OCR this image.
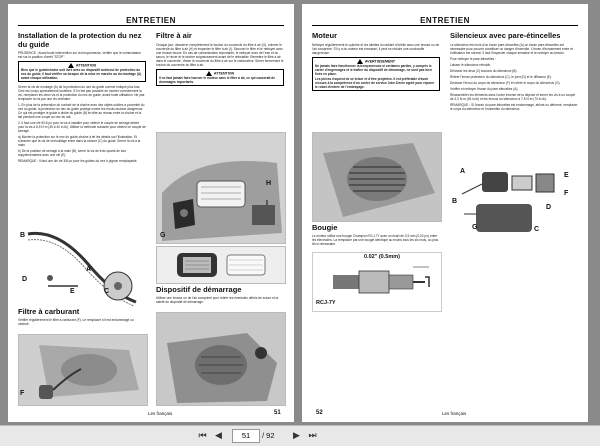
ENTRETIEN
Installation de la protection du nez du guide
PRUDENCE : Avant toute intervention sur la tronçonneuse, vérifier que le commutateur est sur la position d'arrêt "STOP".
ATTENTION
Bien que le guide/chaîne soit livré avec un dispositif antirecul de protection du nez du guide, il faut vérifier sa lorsque de la mise en marche ou du montage (A) avant chaque utilisation.
Serrer la vis de montage (A) de la protection du nez du guide comme indiqué plus bas. Ceci est conçu spécialement toutefois. S'il n'est pas possible de monter correctement la vis, remplacer les deux vis et la protection du nez de guide, avant toute utilisation. Ne pas remplacer la vis par une vis ordinaire.
1. En plus de la prévention du contact de la chaîne avec des objets solides à proximité du nez du guide, la protection du nez du guide protège contre les reculs brutaux dangereux. Ce qui est protéger le guide à droite du guide (B) en tête au niveau entre la chaîne et la tail pendant une coupe au nez du rail.
2. Il faut une clé 5/16 po pour la vis à installer pour obtenir le couple de serrage désiré pour la vis à 8,5 N·m (35 à 40 in-lb). Utiliser la méthode suivante pour obtenir ce couple de serrage.
a) Monter la protection sur le nez du guide-chaîne à tel les détails sur l'illustration. Et s'assurer que la vis de verrouillage entre dans la rainure (C) du guide. Serrer la vis à la main.
b) De la position de serrage à la main (B), serrer la vis de trois quarts de tour supplémentaires avec une clé (E).
REMARQUE : Il faut une clé de 3/8 po pour les guides du nez à pignon remplaçable.
B
A
D
C
E
Filtre à carburant
Vérifier régulièrement le filtre à carburant (F). Le remplacer s'il est endommagé ou obstrué.
F
Filtre à air
Chaque jour, desserrer complètement le bouton du couvercle du filtre à air (G), enlever le couvercle du filtre à air (H) et inspecter le filtre à air (I). Secouer le filtre et le nettoyer avec une brosse douce. En cas de contamination importante, le nettoyer avec de l'eau et du savon, le rincer et le sécher soigneusement avant de le réinstaller. Remettre le filtre à air dans le couvercle. Visser le couvercle du filtre à air sur le carburateur. Serrer fermement le bouton du couvercle du filtre à air.
ATTENTION
Il ne faut jamais faire tourner le moteur sans le filtre à air, ce qui causerait de dommages importants.
H
I
G
Dispositif de démarrage
Utiliser une brosse ou de l'air comprimé pour retirer les éventuels débris de sciure et la saleté du dispositif de démarrage.
Les français	51
ENTRETIEN
Moteur
Nettoyer régulièrement le cylindre et les ailettes du radiant d'orielle avec une brosse ou de l'air comprimé. S'il y a du moteur est encrassé, il peut se réduire une surchauffe dangereuse.
AVERTISSEMENT
Ne jamais faire fonctionner la tronçonneuse si certaines parties, y compris le carter d'engrenages et le boîtier du dispositif de démarrage, ne sont pas bien fixés en place.
Les pièces risquent de se briser et d'être projetées. Il est préférable d'avoir recours à la compétence d'un centre de service John Deere agréé pour réparer le robot d'entrée de l'embrayage.
Bougie
Le moteur utilise une bougie Champion RCJ-7Y avec un écart de 0,5 mm (0,02 po) entre les électrodes. La remplacer par une bougie identique au moins tous les six mois, ou plus tôt si nécessaire.
0.02" (0.5mm)
RCJ-7Y
Silencieux avec pare-étincelles
Le silencieux est muni d'un écran pare-étincelles (A) un écran pare-étincelles est nécessaire pour pouvoir constituer un danger d'incendie. L'écran d'écrasement entre et l'utilisateur est normal. Il faut l'inspecter chaque semaine et le nettoyer au besoin.
Pour nettoyer le pare-étincelles :
Laisser le silencieux refroidir.
Dévisser les deux (2) boulons du silencieux (B).
Retirer l'écran protecteur du silencieux (C), le joint (D) et le diffuseur (E).
Dévisser l'écrou du corps du silencieux (F) et retirer le corps du silencieux (G).
Vérifier et nettoyer l'écran du pare-étincelles (A).
Réassembler les éléments dans l'ordre inverse de la dépose et serrer les vis à un couple de 4,0 N·m (45 in-lb) et les écrous du silencieux à 7,5 N·m (70 in-lb).
REMARQUE : Si l'écran du pare-étincelles est endommagé, abîmé ou déformé, remplacer le corps du silencieux et l'ensemble du silencieux.
A
B
E
F
D
G	C
52	Les français
⏮ ◀
51	/ 92	▶ ⏭
